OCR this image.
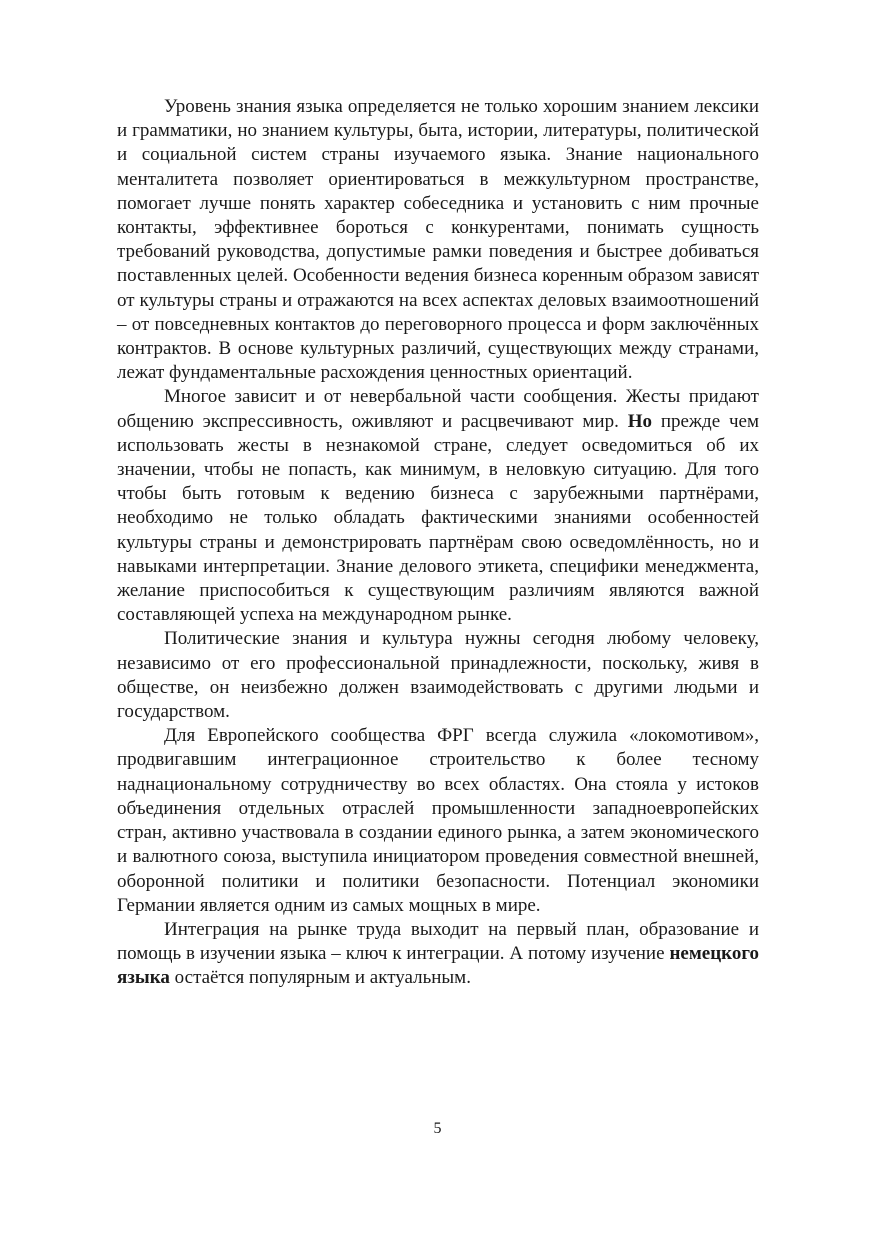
Уровень знания языка определяется не только хорошим знанием лексики и грамматики, но знанием культуры, быта, истории, литературы, политической и социальной систем страны изучаемого языка. Знание национального менталитета позволяет ориентироваться в межкультурном пространстве, помогает лучше понять характер собеседника и установить с ним прочные контакты, эффективнее бороться с конкурентами, понимать сущность требований руководства, допустимые рамки поведения и быстрее добиваться поставленных целей. Особенности ведения бизнеса коренным образом зависят от культуры страны и отражаются на всех аспектах деловых взаимоотношений – от повседневных контактов до переговорного процесса и форм заключённых контрактов. В основе культурных различий, существующих между странами, лежат фундаментальные расхождения ценностных ориентаций.

Многое зависит и от невербальной части сообщения. Жесты придают общению экспрессивность, оживляют и расцвечивают мир. Но прежде чем использовать жесты в незнакомой стране, следует осведомиться об их значении, чтобы не попасть, как минимум, в неловкую ситуацию. Для того чтобы быть готовым к ведению бизнеса с зарубежными партнёрами, необходимо не только обладать фактическими знаниями особенностей культуры страны и демонстрировать партнёрам свою осведомлённость, но и навыками интерпретации. Знание делового этикета, специфики менеджмента, желание приспособиться к существующим различиям являются важной составляющей успеха на международном рынке.

Политические знания и культура нужны сегодня любому человеку, независимо от его профессиональной принадлежности, поскольку, живя в обществе, он неизбежно должен взаимодействовать с другими людьми и государством.

Для Европейского сообщества ФРГ всегда служила «локомотивом», продвигавшим интеграционное строительство к более тесному наднациональному сотрудничеству во всех областях. Она стояла у истоков объединения отдельных отраслей промышленности западноевропейских стран, активно участвовала в создании единого рынка, а затем экономического и валютного союза, выступила инициатором проведения совместной внешней, оборонной политики и политики безопасности. Потенциал экономики Германии является одним из самых мощных в мире.

Интеграция на рынке труда выходит на первый план, образование и помощь в изучении языка – ключ к интеграции. А потому изучение немецкого языка остаётся популярным и актуальным.

5
